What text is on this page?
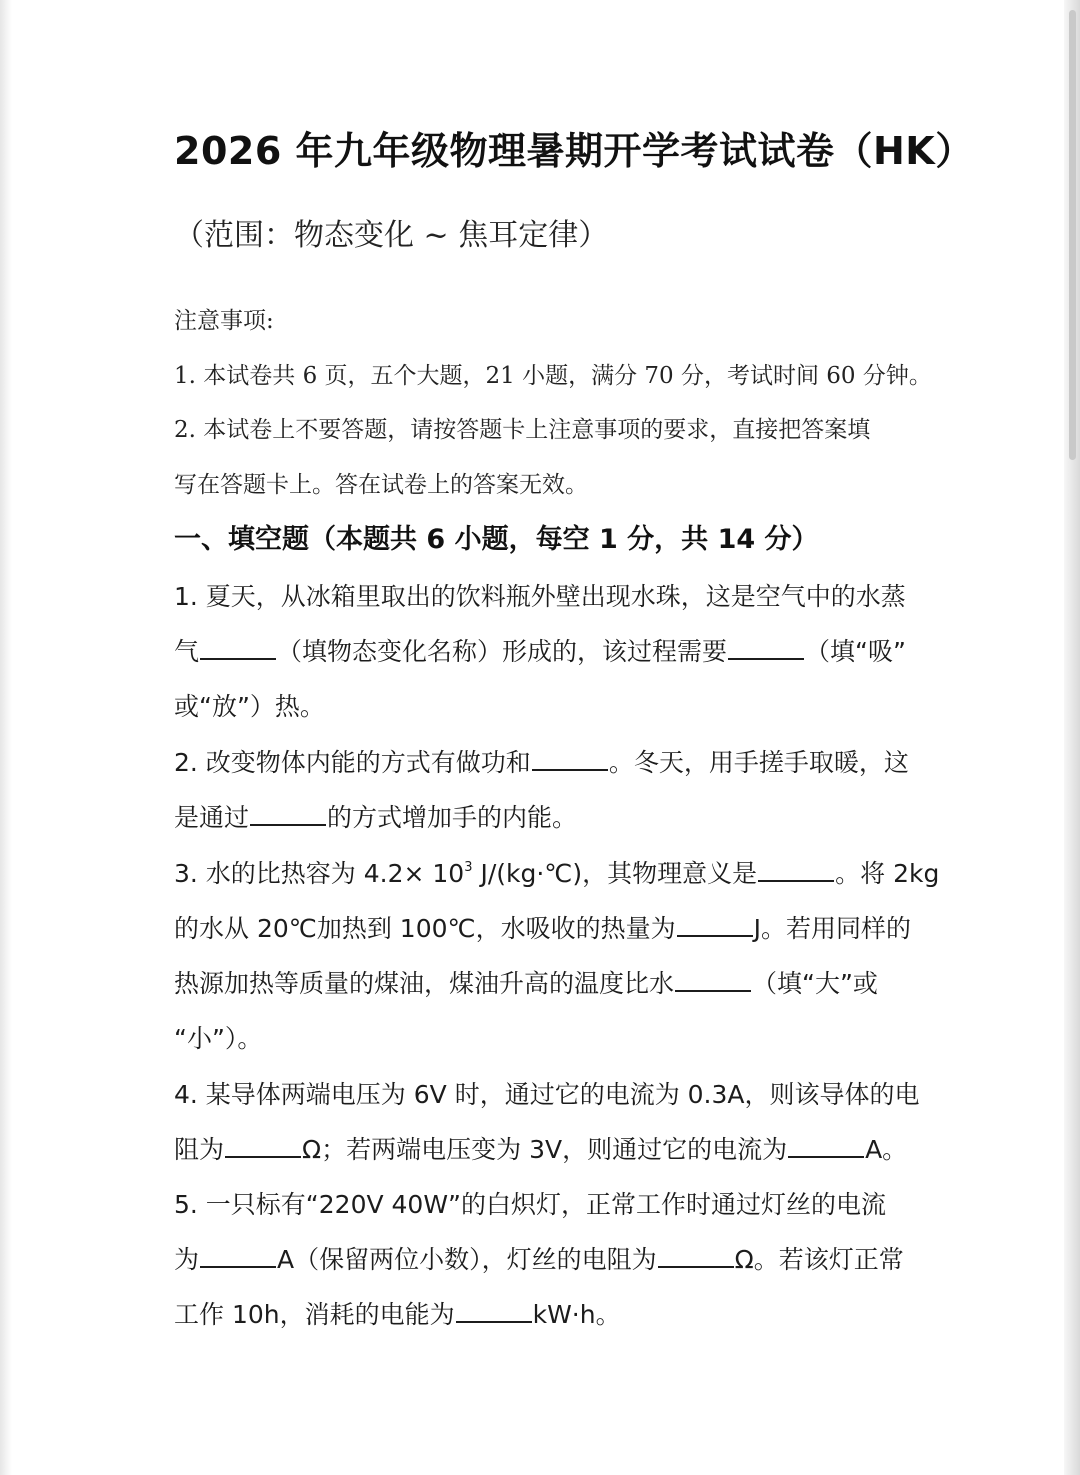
2026 年九年级物理暑期开学考试试卷（HK）
（范围：物态变化 ~ 焦耳定律）
注意事项:
1. 本试卷共 6 页，五个大题，21 小题，满分 70 分，考试时间 60 分钟。
2. 本试卷上不要答题，请按答题卡上注意事项的要求，直接把答案填
写在答题卡上。答在试卷上的答案无效。
一、填空题（本题共 6 小题，每空 1 分，共 14 分）
1. 夏天，从冰箱里取出的饮料瓶外壁出现水珠，这是空气中的水蒸
气	（填物态变化名称）形成的，该过程需要	（填“吸”
或“放”）热。
2. 改变物体内能的方式有做功和	。冬天，用手搓手取暖，这
是通过	的方式增加手的内能。
3. 水的比热容为 $4.2\times 10^3$ J/(kg·℃)，其物理意义是	。将 2kg
的水从 20℃加热到 100℃，水吸收的热量为	J。若用同样的
热源加热等质量的煤油，煤油升高的温度比水	（填“大”或
“小”）。
4. 某导体两端电压为 6V 时，通过它的电流为 0.3A，则该导体的电
阻为	Ω；若两端电压变为 3V，则通过它的电流为	A。
5. 一只标有“220V 40W”的白炽灯，正常工作时通过灯丝的电流
为	A（保留两位小数），灯丝的电阻为	Ω。若该灯正常
工作 10h，消耗的电能为	kW·h。
